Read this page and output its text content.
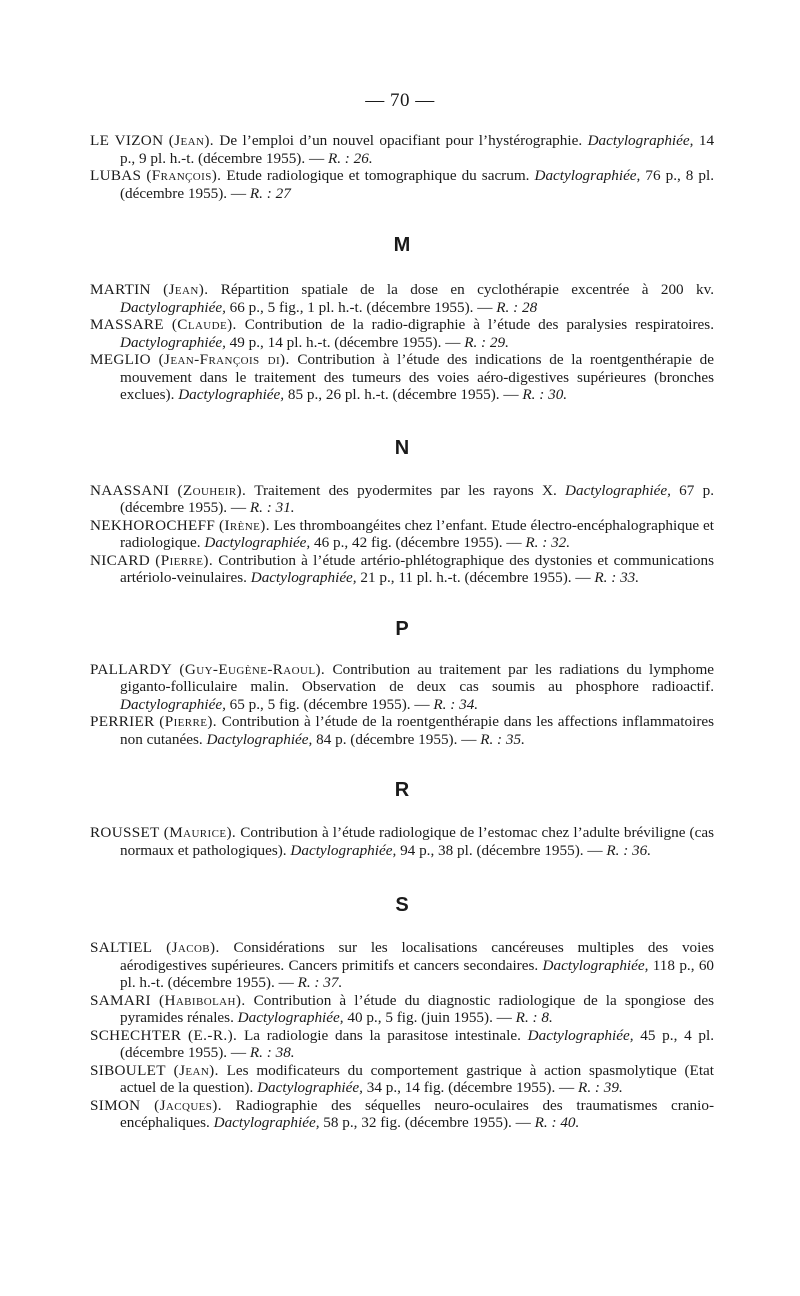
— 70 —
LE VIZON (Jean). De l’emploi d’un nouvel opacifiant pour l’hystérographie. Dactylographiée, 14 p., 9 pl. h.-t. (décembre 1955). — R. : 26.
LUBAS (François). Etude radiologique et tomographique du sacrum. Dactylographiée, 76 p., 8 pl. (décembre 1955). — R. : 27
M
MARTIN (Jean). Répartition spatiale de la dose en cyclothérapie excentrée à 200 kv. Dactylographiée, 66 p., 5 fig., 1 pl. h.-t. (décembre 1955). — R. : 28
MASSARE (Claude). Contribution de la radio-digraphie à l’étude des paralysies respiratoires. Dactylographiée, 49 p., 14 pl. h.-t. (décembre 1955). — R. : 29.
MEGLIO (Jean-François di). Contribution à l’étude des indications de la roentgenthérapie de mouvement dans le traitement des tumeurs des voies aéro-digestives supérieures (bronches exclues). Dactylographiée, 85 p., 26 pl. h.-t. (décembre 1955). — R. : 30.
N
NAASSANI (Zouheir). Traitement des pyodermites par les rayons X. Dactylographiée, 67 p. (décembre 1955). — R. : 31.
NEKHOROCHEFF (Irène). Les thromboangéites chez l’enfant. Etude électro-encéphalographique et radiologique. Dactylographiée, 46 p., 42 fig. (décembre 1955). — R. : 32.
NICARD (Pierre). Contribution à l’étude artério-phlétographique des dystonies et communications artériolo-veinulaires. Dactylographiée, 21 p., 11 pl. h.-t. (décembre 1955). — R. : 33.
P
PALLARDY (Guy-Eugène-Raoul). Contribution au traitement par les radiations du lymphome giganto-folliculaire malin. Observation de deux cas soumis au phosphore radioactif. Dactylographiée, 65 p., 5 fig. (décembre 1955). — R. : 34.
PERRIER (Pierre). Contribution à l’étude de la roentgenthérapie dans les affections inflammatoires non cutanées. Dactylographiée, 84 p. (décembre 1955). — R. : 35.
R
ROUSSET (Maurice). Contribution à l’étude radiologique de l’estomac chez l’adulte bréviligne (cas normaux et pathologiques). Dactylographiée, 94 p., 38 pl. (décembre 1955). — R. : 36.
S
SALTIEL (Jacob). Considérations sur les localisations cancéreuses multiples des voies aérodigestives supérieures. Cancers primitifs et cancers secondaires. Dactylographiée, 118 p., 60 pl. h.-t. (décembre 1955). — R. : 37.
SAMARI (Habibolah). Contribution à l’étude du diagnostic radiologique de la spongiose des pyramides rénales. Dactylographiée, 40 p., 5 fig. (juin 1955). — R. : 8.
SCHECHTER (E.-R.). La radiologie dans la parasitose intestinale. Dactylographiée, 45 p., 4 pl. (décembre 1955). — R. : 38.
SIBOULET (Jean). Les modificateurs du comportement gastrique à action spasmolytique (Etat actuel de la question). Dactylographiée, 34 p., 14 fig. (décembre 1955). — R. : 39.
SIMON (Jacques). Radiographie des séquelles neuro-oculaires des traumatismes cranio-encéphaliques. Dactylographiée, 58 p., 32 fig. (décembre 1955). — R. : 40.
